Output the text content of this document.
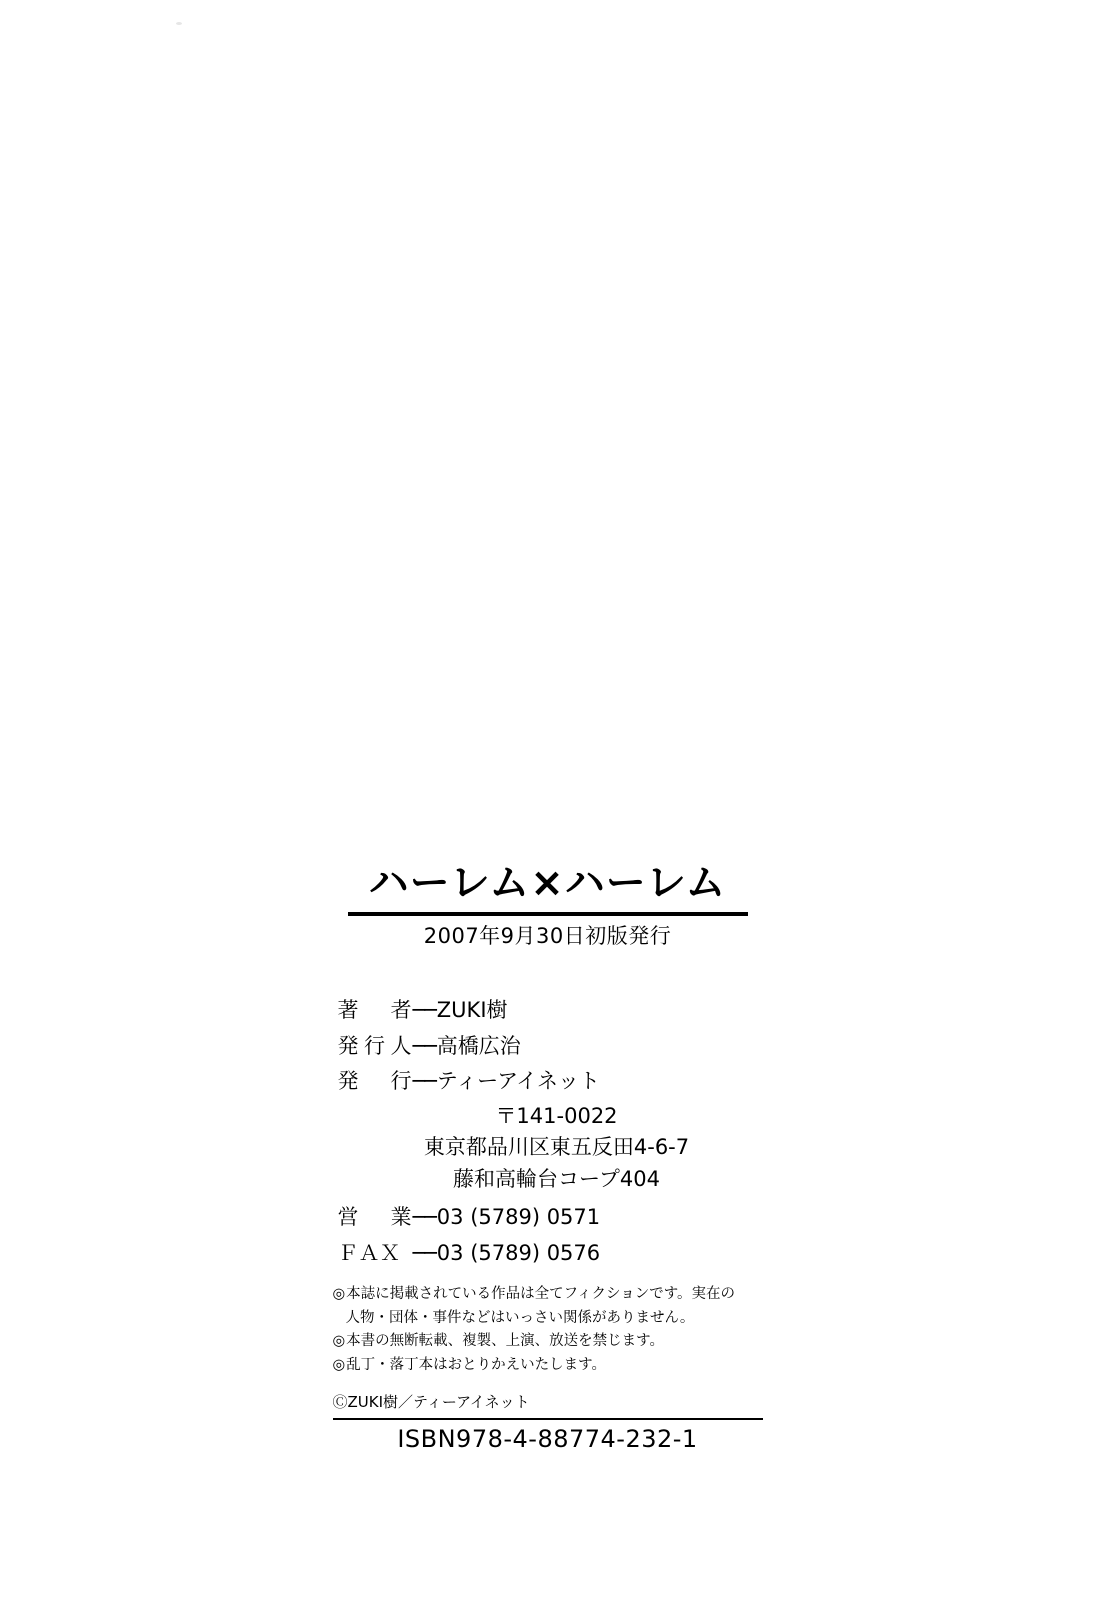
ハーレム×ハーレム
2007年9月30日初版発行
著　者 ── ZUKI樹
発行人 ── 高橋広治
発　行 ── ティーアイネット
〒141-0022
東京都品川区東五反田4-6-7
藤和高輪台コープ404
営　業 ── 03 (5789) 0571
ＦＡＸ ── 03 (5789) 0576
◎ 本誌に掲載されている作品は全てフィクションです。実在の
人物・団体・事件などはいっさい関係がありません。
◎ 本書の無断転載、複製、上演、放送を禁じます。
◎ 乱丁・落丁本はおとりかえいたします。
ⒸZUKI樹／ティーアイネット
ISBN978-4-88774-232-1
